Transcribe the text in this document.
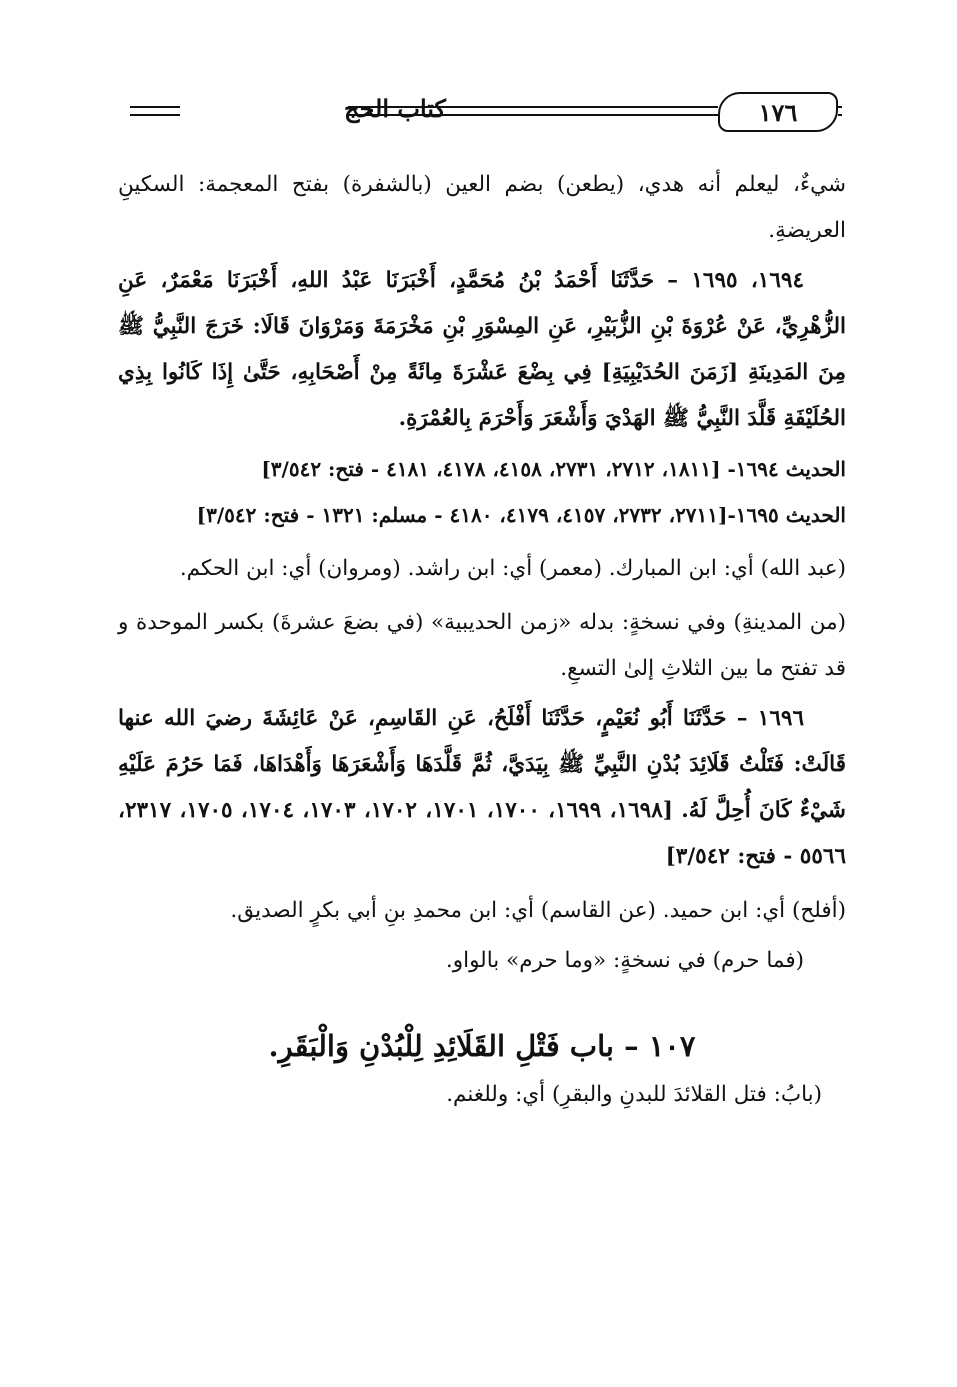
كتاب الحج	١٧٦

شيءٌ، ليعلم أنه هدي، (يطعن) بضم العين (بالشفرة) بفتح المعجمة: السكينِ العريضةِ.

١٦٩٤، ١٦٩٥ – حَدَّثَنَا أَحْمَدُ بْنُ مُحَمَّدٍ، أَخْبَرَنَا عَبْدُ اللهِ، أَخْبَرَنَا مَعْمَرٌ، عَنِ الزُّهْرِيِّ، عَنْ عُرْوَةَ بْنِ الزُّبَيْرِ، عَنِ المِسْوَرِ بْنِ مَخْرَمَةَ وَمَرْوَانَ قَالَا: خَرَجَ النَّبِيُّ ﷺ مِنَ المَدِينَةِ [زَمَنَ الحُدَيْبِيَةِ] فِي بِضْعَ عَشْرَةَ مِائَةً مِنْ أَصْحَابِهِ، حَتَّىٰ إِذَا كَانُوا بِذِي الحُلَيْفَةِ قَلَّدَ النَّبِيُّ ﷺ الهَدْيَ وَأَشْعَرَ وَأَحْرَمَ بِالعُمْرَةِ.

الحديث ١٦٩٤- [١٨١١، ٢٧١٢، ٢٧٣١، ٤١٥٨، ٤١٧٨، ٤١٨١ - فتح: ٣/٥٤٢]

الحديث ١٦٩٥-[٢٧١١، ٢٧٣٢، ٤١٥٧، ٤١٧٩، ٤١٨٠ - مسلم: ١٣٢١ - فتح: ٣/٥٤٢]

(عبد الله) أي: ابن المبارك. (معمر) أي: ابن راشد. (ومروان) أي: ابن الحكم.

(من المدينةِ) وفي نسخةٍ: بدله «زمن الحديبية» (في بضعَ عشرةَ) بكسر الموحدة و قد تفتح ما بين الثلاثِ إلىٰ التسعِ.

١٦٩٦ – حَدَّثَنَا أَبُو نُعَيْمٍ، حَدَّثَنَا أَفْلَحُ، عَنِ القَاسِمِ، عَنْ عَائِشَةَ رضيَ الله عنها قَالَتْ: فَتَلْتُ قَلَائِدَ بُدْنِ النَّبِيِّ ﷺ بِيَدَيَّ، ثُمَّ قَلَّدَهَا وَأَشْعَرَهَا وَأَهْدَاهَا، فَمَا حَرُمَ عَلَيْهِ شَيْءٌ كَانَ أُحِلَّ لَهُ. [١٦٩٨، ١٦٩٩، ١٧٠٠، ١٧٠١، ١٧٠٢، ١٧٠٣، ١٧٠٤، ١٧٠٥، ٢٣١٧، ٥٥٦٦ - فتح: ٣/٥٤٢]

(أفلح) أي: ابن حميد. (عن القاسم) أي: ابن محمدِ بنِ أبي بكرٍ الصديق.

(فما حرم) في نسخةٍ: «وما حرم» بالواو.

١٠٧ – باب فَتْلِ القَلَائِدِ لِلْبُدْنِ وَالْبَقَرِ.

(بابُ: فتل القلائدَ للبدنِ والبقرِ) أي: وللغنم.
